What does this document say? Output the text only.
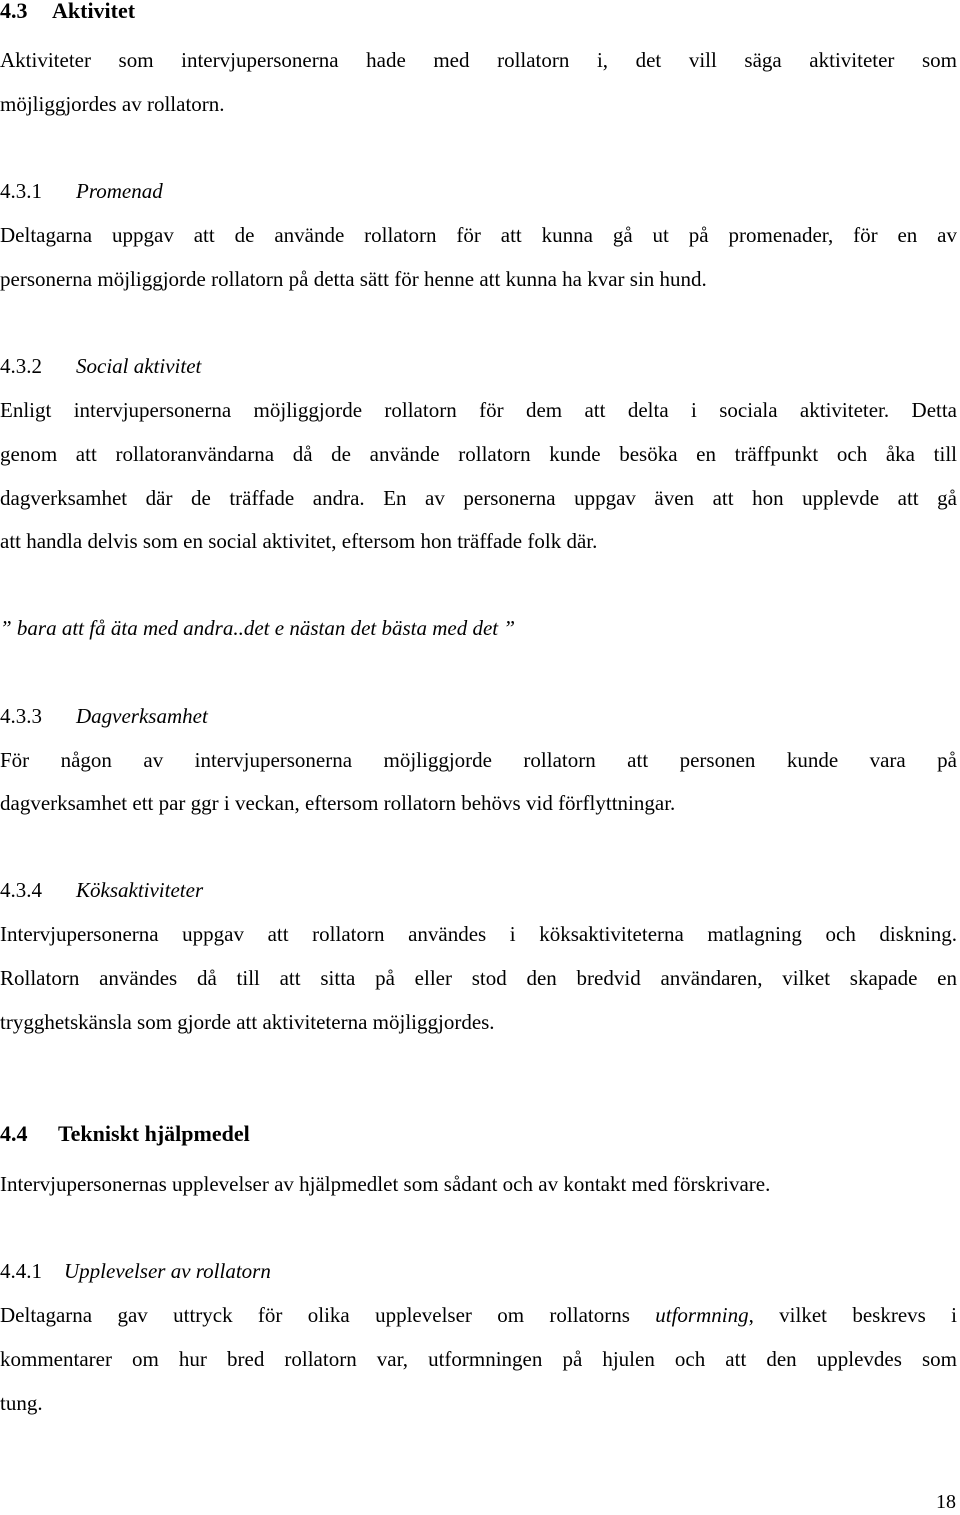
4.3 Aktivitet
Aktiviteter som intervjupersonerna hade med rollatorn i, det vill säga aktiviteter som
möjliggjordes av rollatorn.
4.3.1 Promenad
Deltagarna uppgav att de använde rollatorn för att kunna gå ut på promenader, för en av
personerna möjliggjorde rollatorn på detta sätt för henne att kunna ha kvar sin hund.
4.3.2 Social aktivitet
Enligt intervjupersonerna möjliggjorde rollatorn för dem att delta i sociala aktiviteter. Detta
genom att rollatoranvändarna då de använde rollatorn kunde besöka en träffpunkt och åka till
dagverksamhet där de träffade andra. En av personerna uppgav även att hon upplevde att gå
att handla delvis som en social aktivitet, eftersom hon träffade folk där.
” bara att få äta med andra..det e nästan det bästa med det ”
4.3.3 Dagverksamhet
För någon av intervjupersonerna möjliggjorde rollatorn att personen kunde vara på
dagverksamhet ett par ggr i veckan, eftersom rollatorn behövs vid förflyttningar.
4.3.4 Köksaktiviteter
Intervjupersonerna uppgav att rollatorn användes i köksaktiviteterna matlagning och diskning.
Rollatorn användes då till att sitta på eller stod den bredvid användaren, vilket skapade en
trygghetskänsla som gjorde att aktiviteterna möjliggjordes.
4.4 Tekniskt hjälpmedel
Intervjupersonernas upplevelser av hjälpmedlet som sådant och av kontakt med förskrivare.
4.4.1 Upplevelser av rollatorn
Deltagarna gav uttryck för olika upplevelser om rollatorns utformning, vilket beskrevs i
kommentarer om hur bred rollatorn var, utformningen på hjulen och att den upplevdes som
tung.
18
